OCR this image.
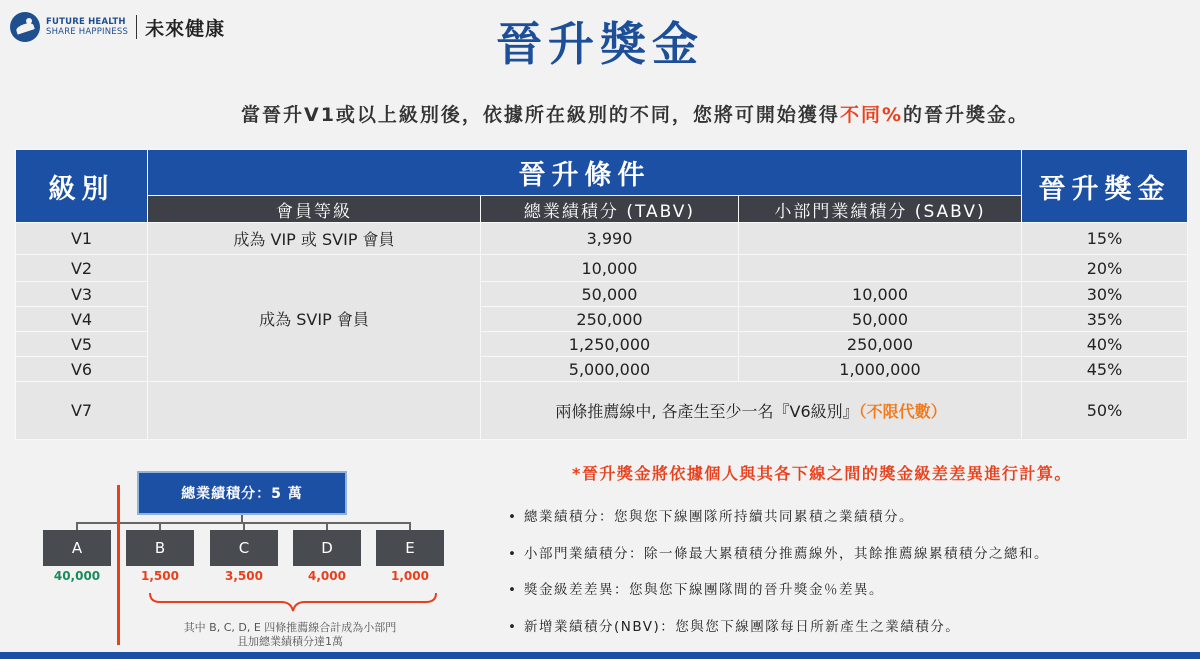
FUTURE HEALTH
SHARE HAPPINESS 未來健康	晉升獎金
當晉升V1或以上級別後，依據所在級別的不同，您將可開始獲得不同%的晉升獎金。
級別	晉升條件			晉升獎金
	會員等級	總業績積分 (TABV)	小部門業績積分 (SABV)	
V1	成為 VIP 或 SVIP 會員	3,990		15%
V2	成為 SVIP 會員	10,000		20%
V3		50,000	10,000	30%
V4		250,000	50,000	35%
V5		1,250,000	250,000	40%
V6		5,000,000	1,000,000	45%
V7		兩條推薦線中, 各產生至少一名『V6級別』（不限代數）		50%
總業績積分：5 萬
A	B	C	D	E
40,000	1,500	3,500	4,000	1,000
其中 B, C, D, E 四條推薦線合計成為小部門
且加總業績積分達1萬
*晉升獎金將依據個人與其各下線之間的獎金級差差異進行計算。
• 總業績積分：您與您下線團隊所持續共同累積之業績積分。
• 小部門業績積分：除一條最大累積積分推薦線外，其餘推薦線累積積分之總和。
• 獎金級差差異：您與您下線團隊間的晉升獎金％差異。
• 新增業績積分(NBV)：您與您下線團隊每日所新產生之業績積分。
